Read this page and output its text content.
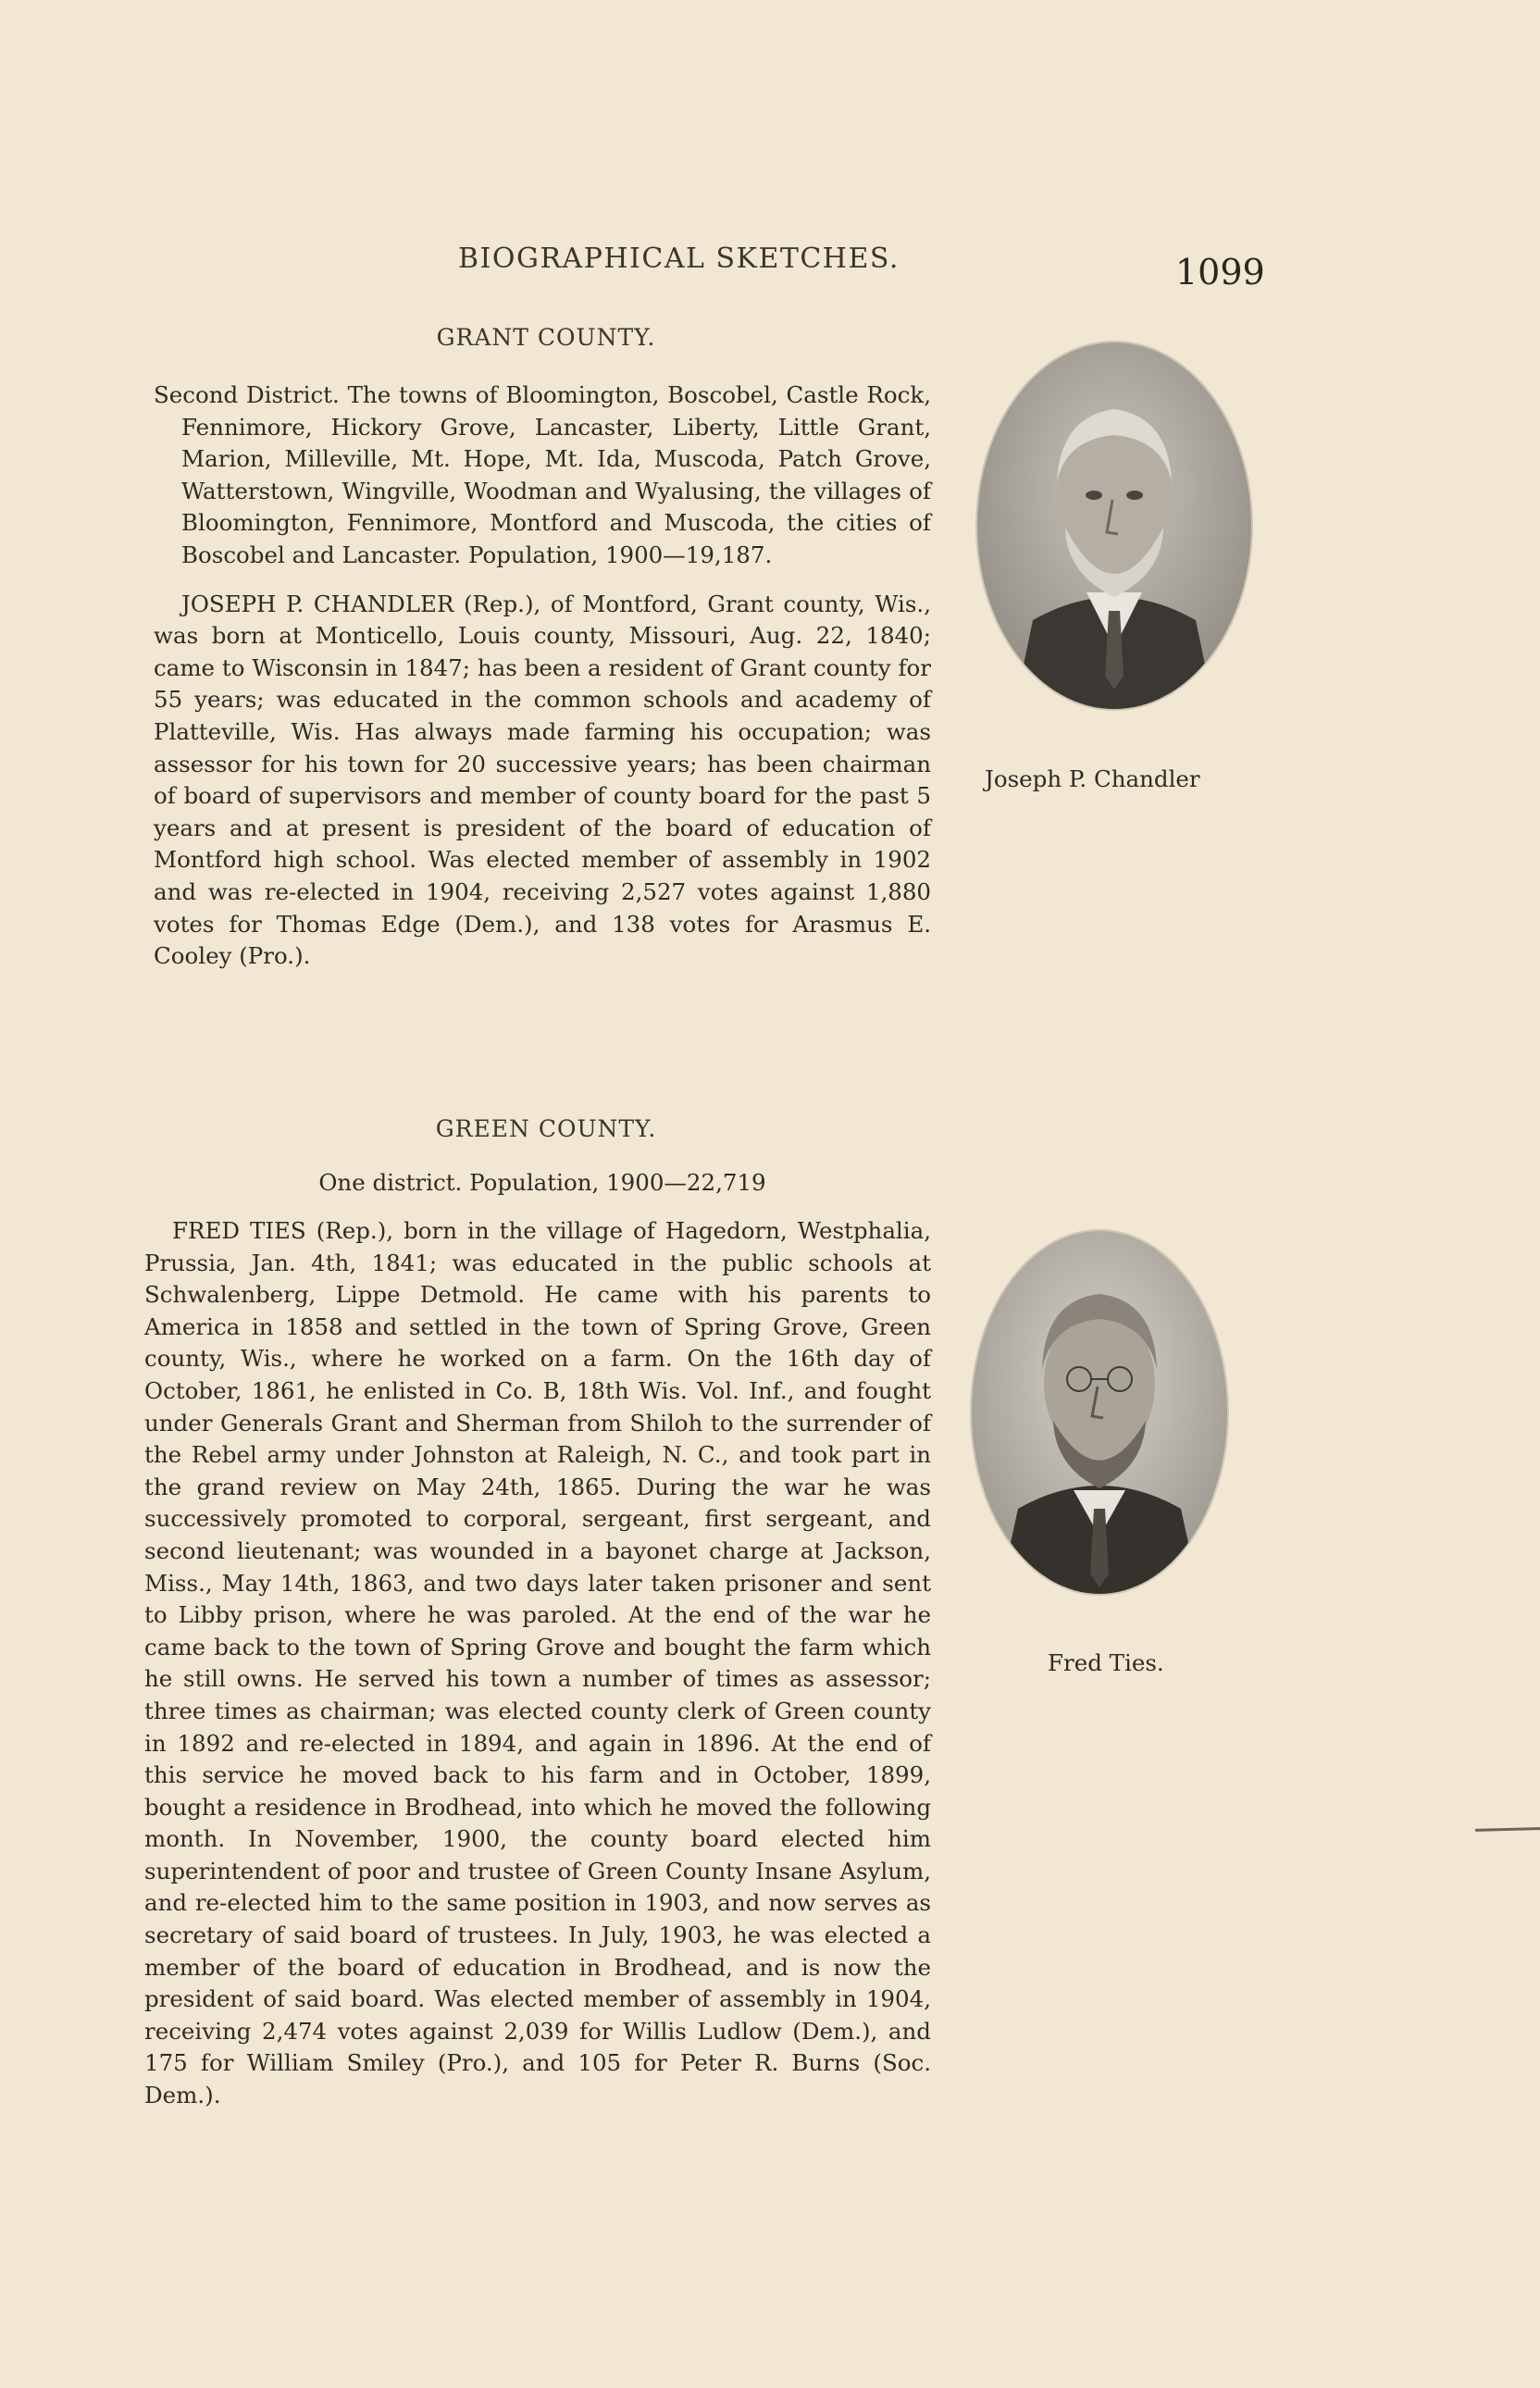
BIOGRAPHICAL SKETCHES.	1099
GRANT COUNTY.

Second District. The towns of Bloomington, Boscobel, Castle Rock, Fennimore, Hickory Grove, Lancaster, Liberty, Little Grant, Marion, Milleville, Mt. Hope, Mt. Ida, Muscoda, Patch Grove, Watterstown, Wingville, Woodman and Wyalusing, the villages of Bloomington, Fennimore, Montford and Muscoda, the cities of Boscobel and Lancaster. Population, 1900—19,187.

JOSEPH P. CHANDLER (Rep.), of Montford, Grant county, Wis., was born at Monticello, Louis county, Missouri, Aug. 22, 1840; came to Wisconsin in 1847; has been a resident of Grant county for 55 years; was educated in the common schools and academy of Platteville, Wis. Has always made farming his occupation; was assessor for his town for 20 successive years; has been chairman of board of supervisors and member of county board for the past 5 years and at present is president of the board of education of Montford high school. Was elected member of assembly in 1902 and was re-elected in 1904, receiving 2,527 votes against 1,880 votes for Thomas Edge (Dem.), and 138 votes for Arasmus E. Cooley (Pro.).

Joseph P. Chandler
GREEN COUNTY.
One district. Population, 1900—22,719

FRED TIES (Rep.), born in the village of Hagedorn, Westphalia, Prussia, Jan. 4th, 1841; was educated in the public schools at Schwalenberg, Lippe Detmold. He came with his parents to America in 1858 and settled in the town of Spring Grove, Green county, Wis., where he worked on a farm. On the 16th day of October, 1861, he enlisted in Co. B, 18th Wis. Vol. Inf., and fought under Generals Grant and Sherman from Shiloh to the surrender of the Rebel army under Johnston at Raleigh, N. C., and took part in the grand review on May 24th, 1865. During the war he was successively promoted to corporal, sergeant, first sergeant, and second lieutenant; was wounded in a bayonet charge at Jackson, Miss., May 14th, 1863, and two days later taken prisoner and sent to Libby prison, where he was paroled. At the end of the war he came back to the town of Spring Grove and bought the farm which he still owns. He served his town a number of times as assessor; three times as chairman; was elected county clerk of Green county in 1892 and re-elected in 1894, and again in 1896. At the end of this service he moved back to his farm and in October, 1899, bought a residence in Brodhead, into which he moved the following month. In November, 1900, the county board elected him superintendent of poor and trustee of Green County Insane Asylum, and re-elected him to the same position in 1903, and now serves as secretary of said board of trustees. In July, 1903, he was elected a member of the board of education in Brodhead, and is now the president of said board. Was elected member of assembly in 1904, receiving 2,474 votes against 2,039 for Willis Ludlow (Dem.), and 175 for William Smiley (Pro.), and 105 for Peter R. Burns (Soc. Dem.).

Fred Ties.
